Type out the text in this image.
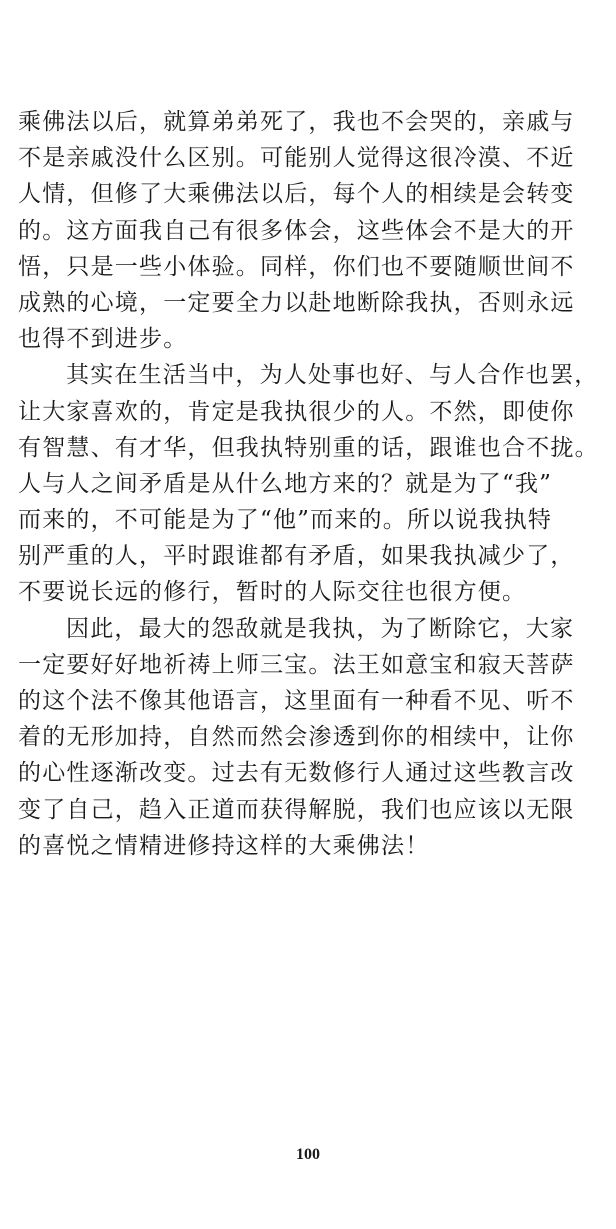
乘佛法以后，就算弟弟死了，我也不会哭的，亲戚与
不是亲戚没什么区别。可能别人觉得这很冷漠、不近
人情，但修了大乘佛法以后，每个人的相续是会转变
的。这方面我自己有很多体会，这些体会不是大的开
悟，只是一些小体验。同样，你们也不要随顺世间不
成熟的心境，一定要全力以赴地断除我执，否则永远
也得不到进步。
其实在生活当中，为人处事也好、与人合作也罢，
让大家喜欢的，肯定是我执很少的人。不然，即使你
有智慧、有才华，但我执特别重的话，跟谁也合不拢。
人与人之间矛盾是从什么地方来的？就是为了“我”
而来的，不可能是为了“他”而来的。所以说我执特
别严重的人，平时跟谁都有矛盾，如果我执减少了，
不要说长远的修行，暂时的人际交往也很方便。
因此，最大的怨敌就是我执，为了断除它，大家
一定要好好地祈祷上师三宝。法王如意宝和寂天菩萨
的这个法不像其他语言，这里面有一种看不见、听不
着的无形加持，自然而然会渗透到你的相续中，让你
的心性逐渐改变。过去有无数修行人通过这些教言改
变了自己，趋入正道而获得解脱，我们也应该以无限
的喜悦之情精进修持这样的大乘佛法！
100
